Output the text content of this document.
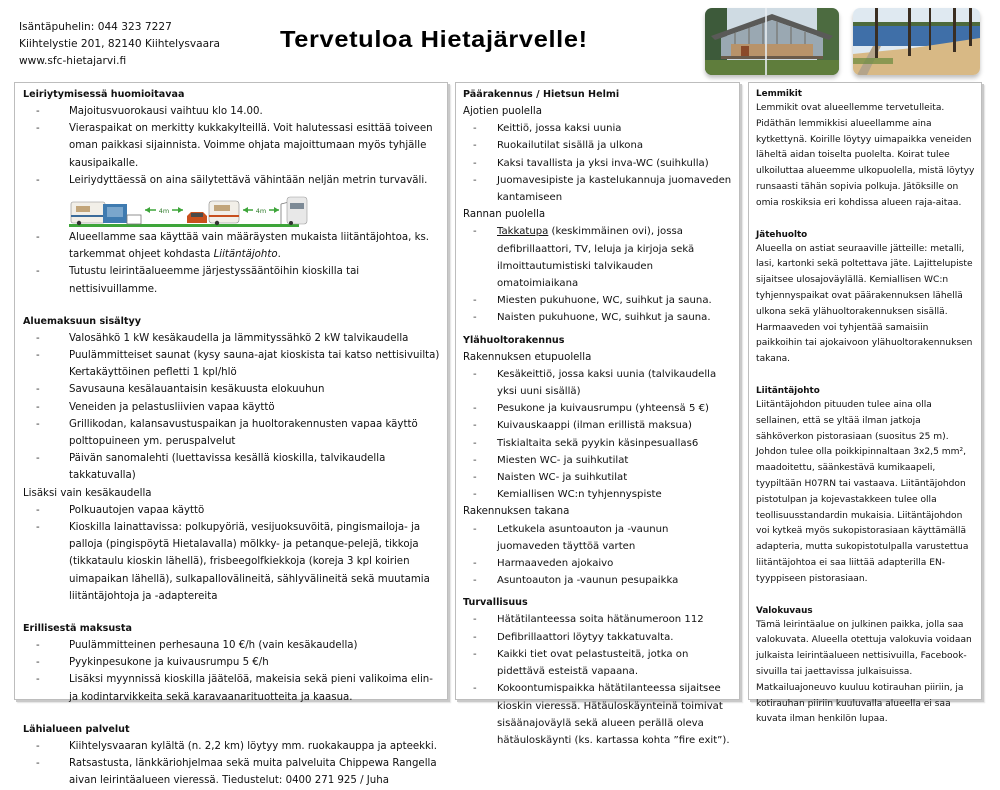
Isäntäpuhelin: 044 323 7227
Kiihtelystie 201, 82140 Kiihtelysvaara
www.sfc-hietajarvi.fi
Tervetuloa Hietajärvelle!
Leiriytymisessä huomioitavaa
- Majoitusvuorokausi vaihtuu klo 14.00.
- Vieraspaikat on merkitty kukkakylteillä. Voit halutessasi esittää toiveen oman paikkasi sijainnista. Voimme ohjata majoittumaan myös tyhjälle kausipaikalle.
- Leiriydyttäessä on aina säilytettävä vähintään neljän metrin turvaväli.
4m	4m
- Alueellamme saa käyttää vain määräysten mukaista liitäntäjohtoa, ks. tarkemmat ohjeet kohdasta Liitäntäjohto.
- Tutustu leirintäalueemme järjestyssääntöihin kioskilla tai nettisivuillamme.
Aluemaksuun sisältyy
- Valosähkö 1 kW kesäkaudella ja lämmityssähkö 2 kW talvikaudella
- Puulämmitteiset saunat (kysy sauna-ajat kioskista tai katso nettisivuilta)
- Kertakäyttöinen pefletti 1 kpl/hlö
- Savusauna kesälauantaisin kesäkuusta elokuuhun
- Veneiden ja pelastusliivien vapaa käyttö
- Grillikodan, kalansavustuspaikan ja huoltorakennusten vapaa käyttö polttopuineen ym. peruspalvelut
- Päivän sanomalehti (luettavissa kesällä kioskilla, talvikaudella takkatuvalla)
Lisäksi vain kesäkaudella
- Polkuautojen vapaa käyttö
- Kioskilla lainattavissa: polkupyöriä, vesijuoksuvöitä, pingismailoja- ja palloja (pingispöytä Hietalavalla) mölkky- ja petanque-pelejä, tikkoja (tikkataulu kioskin lähellä), frisbeegolfkiekkoja (koreja 3 kpl koirien uimapaikan lähellä), sulkapallovälineitä, sählyvälineitä sekä muutamia liitäntäjohtoja ja -adaptereita
Erillisestä maksusta
- Puulämmitteinen perhesauna 10 €/h (vain kesäkaudella)
- Pyykinpesukone ja kuivausrumpu 5 €/h
- Lisäksi myynnissä kioskilla jäätelöä, makeisia sekä pieni valikoima elin- ja kodintarvikkeita sekä karavaanarituotteita ja kaasua.
Lähialueen palvelut
- Kiihtelysvaaran kylältä (n. 2,2 km) löytyy mm. ruokakauppa ja apteekki.
- Ratsastusta, länkkäriohjelmaa sekä muita palveluita Chippewa Rangella aivan leirintäalueen vieressä. Tiedustelut: 0400 271 925 / Juha
Päärakennus / Hietsun Helmi
Ajotien puolella
- Keittiö, jossa kaksi uunia
- Ruokailutilat sisällä ja ulkona
- Kaksi tavallista ja yksi inva-WC (suihkulla)
- Juomavesipiste ja kastelukannuja juomaveden kantamiseen
Rannan puolella
- Takkatupa (keskimmäinen ovi), jossa defibrillaattori, TV, leluja ja kirjoja sekä ilmoittautumistiski talvikauden omatoimiaikana
- Miesten pukuhuone, WC, suihkut ja sauna.
- Naisten pukuhuone, WC, suihkut ja sauna.
Ylähuoltorakennus
Rakennuksen etupuolella
- Kesäkeittiö, jossa kaksi uunia (talvikaudella yksi uuni sisällä)
- Pesukone ja kuivausrumpu (yhteensä 5 €)
- Kuivauskaappi (ilman erillistä maksua)
- Tiskialtaita sekä pyykin käsinpesuallas6
- Miesten WC- ja suihkutilat
- Naisten WC- ja suihkutilat
- Kemiallisen WC:n tyhjennyspiste
Rakennuksen takana
- Letkukela asuntoauton ja -vaunun juomaveden täyttöä varten
- Harmaaveden ajokaivo
- Asuntoauton ja -vaunun pesupaikka
Turvallisuus
- Hätätilanteessa soita hätänumeroon 112
- Defibrillaattori löytyy takkatuvalta.
- Kaikki tiet ovat pelastusteitä, jotka on pidettävä esteistä vapaana.
- Kokoontumispaikka hätätilanteessa sijaitsee kioskin vieressä. Hätäuloskäynteinä toimivat sisäänajoväylä sekä alueen perällä oleva hätäuloskäynti (ks. kartassa kohta ”fire exit”).
Lemmikit
Lemmikit ovat alueellemme tervetulleita. Pidäthän lemmikkisi alueellamme aina kytkettynä. Koirille löytyy uimapaikka veneiden läheltä aidan toiselta puolelta. Koirat tulee ulkoiluttaa alueemme ulkopuolella, mistä löytyy runsaasti tähän sopivia polkuja. Jätöksille on omia roskiksia eri kohdissa alueen raja-aitaa.
Jätehuolto
Alueella on astiat seuraaville jätteille: metalli, lasi, kartonki sekä poltettava jäte. Lajittelupiste sijaitsee ulosajoväylällä. Kemiallisen WC:n tyhjennyspaikat ovat päärakennuksen lähellä ulkona sekä ylähuoltorakennuksen sisällä. Harmaaveden voi tyhjentää samaisiin paikkoihin tai ajokaivoon ylähuoltorakennuksen takana.
Liitäntäjohto
Liitäntäjohdon pituuden tulee aina olla sellainen, että se yltää ilman jatkoja sähköverkon pistorasiaan (suositus 25 m). Johdon tulee olla poikkipinnaltaan 3x2,5 mm², maadoitettu, säänkestävä kumikaapeli, tyypiltään H07RN tai vastaava. Liitäntäjohdon pistotulpan ja kojevastakkeen tulee olla teollisuusstandardin mukaisia. Liitäntäjohdon voi kytkeä myös sukopistorasiaan käyttämällä adapteria, mutta sukopistotulpalla varustettua liitäntäjohtoa ei saa liittää adapterilla EN-tyyppiseen pistorasiaan.
Valokuvaus
Tämä leirintäalue on julkinen paikka, jolla saa valokuvata. Alueella otettuja valokuvia voidaan julkaista leirintäalueen nettisivuilla, Facebook-sivuilla tai jaettavissa julkaisuissa. Matkailuajoneuvo kuuluu kotirauhan piiriin, ja kotirauhan piiriin kuuluvalla alueella ei saa kuvata ilman henkilön lupaa.
